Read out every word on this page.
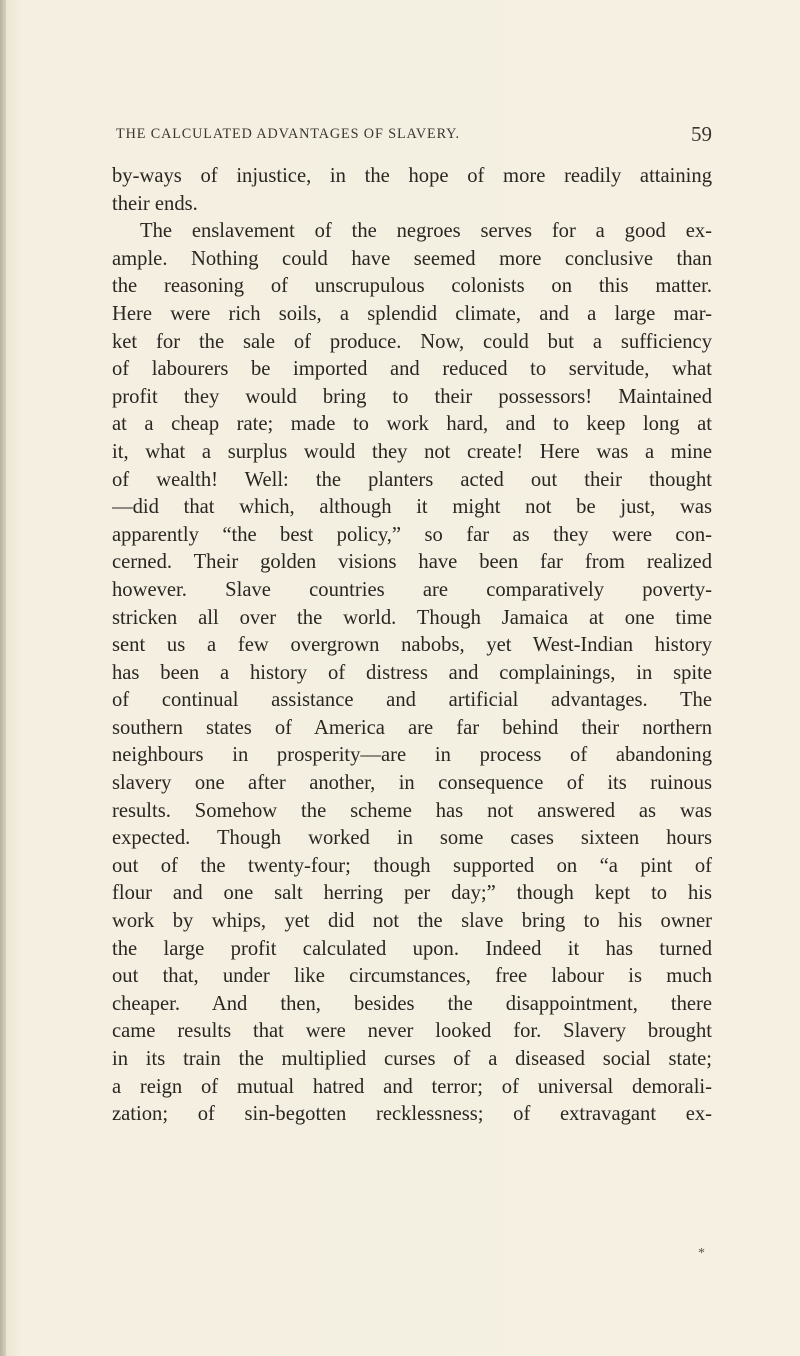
THE CALCULATED ADVANTAGES OF SLAVERY.	59
by-ways of injustice, in the hope of more readily attaining
their ends.
The enslavement of the negroes serves for a good ex-
ample. Nothing could have seemed more conclusive than
the reasoning of unscrupulous colonists on this matter.
Here were rich soils, a splendid climate, and a large mar-
ket for the sale of produce. Now, could but a sufficiency
of labourers be imported and reduced to servitude, what
profit they would bring to their possessors! Maintained
at a cheap rate; made to work hard, and to keep long at
it, what a surplus would they not create! Here was a mine
of wealth! Well: the planters acted out their thought
—did that which, although it might not be just, was
apparently “the best policy,” so far as they were con-
cerned. Their golden visions have been far from realized
however. Slave countries are comparatively poverty-
stricken all over the world. Though Jamaica at one time
sent us a few overgrown nabobs, yet West-Indian history
has been a history of distress and complainings, in spite
of continual assistance and artificial advantages. The
southern states of America are far behind their northern
neighbours in prosperity—are in process of abandoning
slavery one after another, in consequence of its ruinous
results. Somehow the scheme has not answered as was
expected. Though worked in some cases sixteen hours
out of the twenty-four; though supported on “a pint of
flour and one salt herring per day;” though kept to his
work by whips, yet did not the slave bring to his owner
the large profit calculated upon. Indeed it has turned
out that, under like circumstances, free labour is much
cheaper. And then, besides the disappointment, there
came results that were never looked for. Slavery brought
in its train the multiplied curses of a diseased social state;
a reign of mutual hatred and terror; of universal demorali-
zation; of sin-begotten recklessness; of extravagant ex-
*
